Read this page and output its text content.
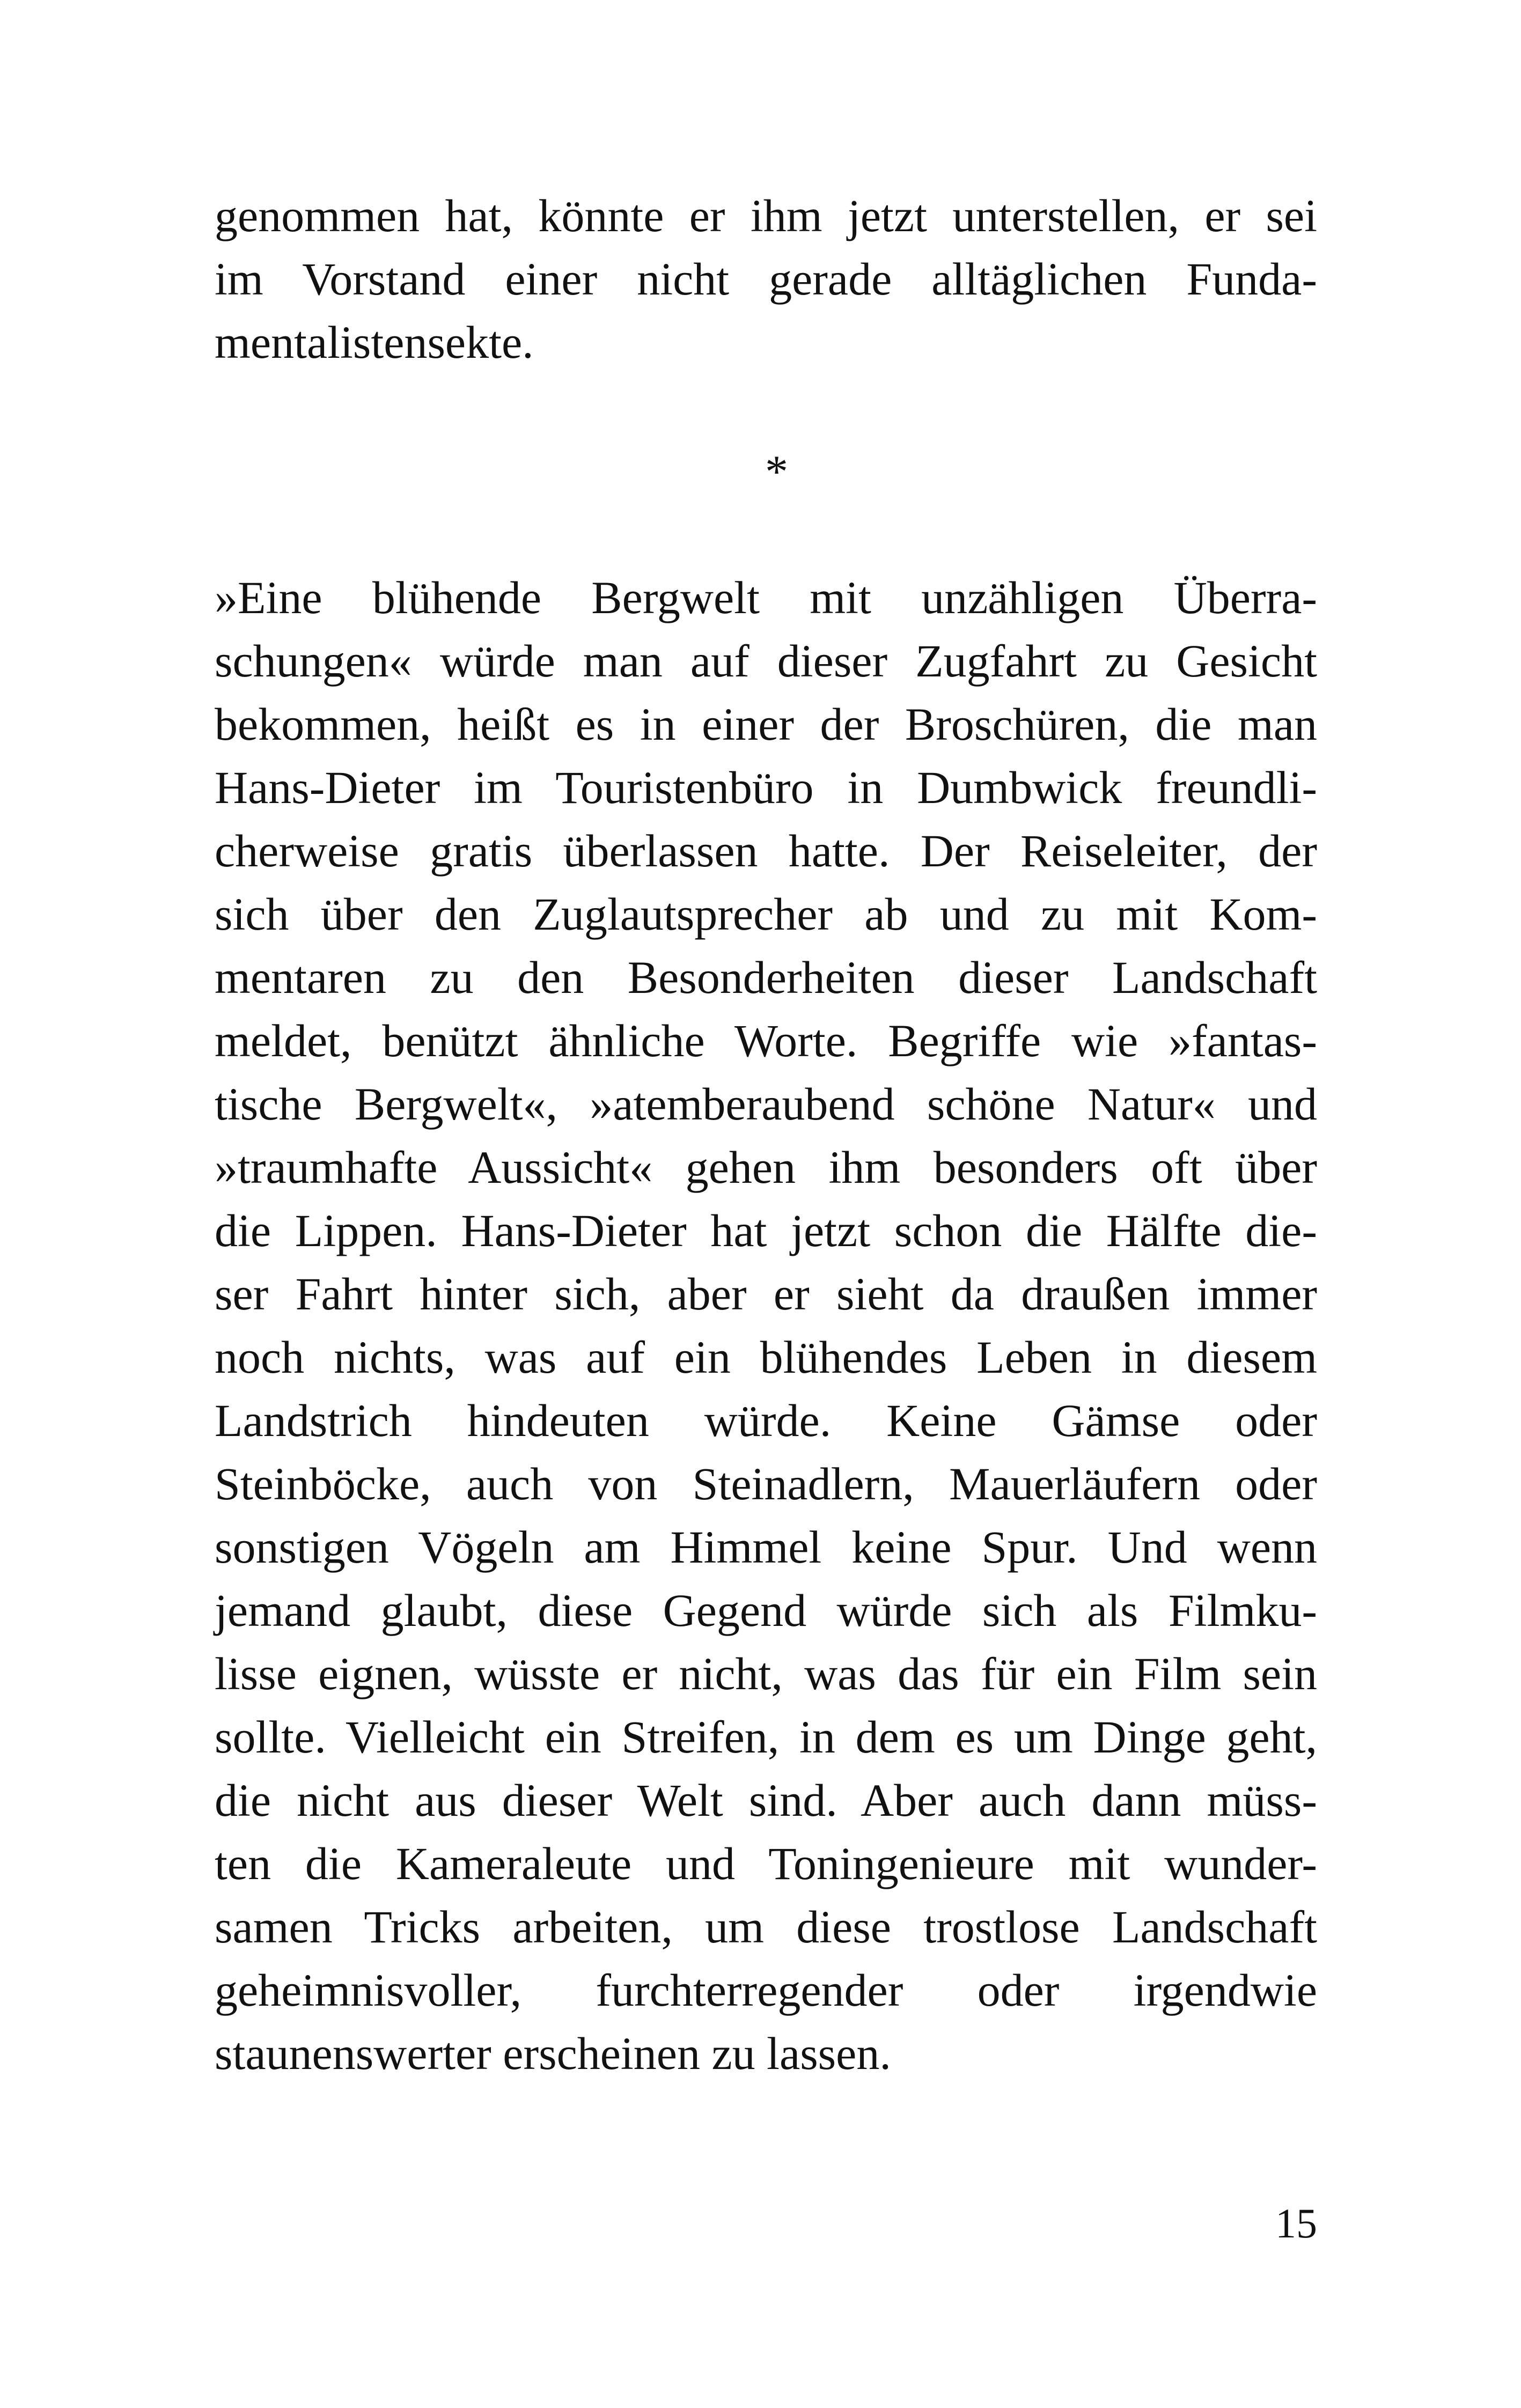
genommen hat, könnte er ihm jetzt unterstellen, er sei
im Vorstand einer nicht gerade alltäglichen Funda-
mentalistensekte.
*
»Eine blühende Bergwelt mit unzähligen Überra-
schungen« würde man auf dieser Zugfahrt zu Gesicht
bekommen, heißt es in einer der Broschüren, die man
Hans-Dieter im Touristenbüro in Dumbwick freundli-
cherweise gratis überlassen hatte. Der Reiseleiter, der
sich über den Zuglautsprecher ab und zu mit Kom-
mentaren zu den Besonderheiten dieser Landschaft
meldet, benützt ähnliche Worte. Begriffe wie »fantas-
tische Bergwelt«, »atemberaubend schöne Natur« und
»traumhafte Aussicht« gehen ihm besonders oft über
die Lippen. Hans-Dieter hat jetzt schon die Hälfte die-
ser Fahrt hinter sich, aber er sieht da draußen immer
noch nichts, was auf ein blühendes Leben in diesem
Landstrich hindeuten würde. Keine Gämse oder
Steinböcke, auch von Steinadlern, Mauerläufern oder
sonstigen Vögeln am Himmel keine Spur. Und wenn
jemand glaubt, diese Gegend würde sich als Filmku-
lisse eignen, wüsste er nicht, was das für ein Film sein
sollte. Vielleicht ein Streifen, in dem es um Dinge geht,
die nicht aus dieser Welt sind. Aber auch dann müss-
ten die Kameraleute und Toningenieure mit wunder-
samen Tricks arbeiten, um diese trostlose Landschaft
geheimnisvoller, furchterregender oder irgendwie
staunenswerter erscheinen zu lassen.
15
